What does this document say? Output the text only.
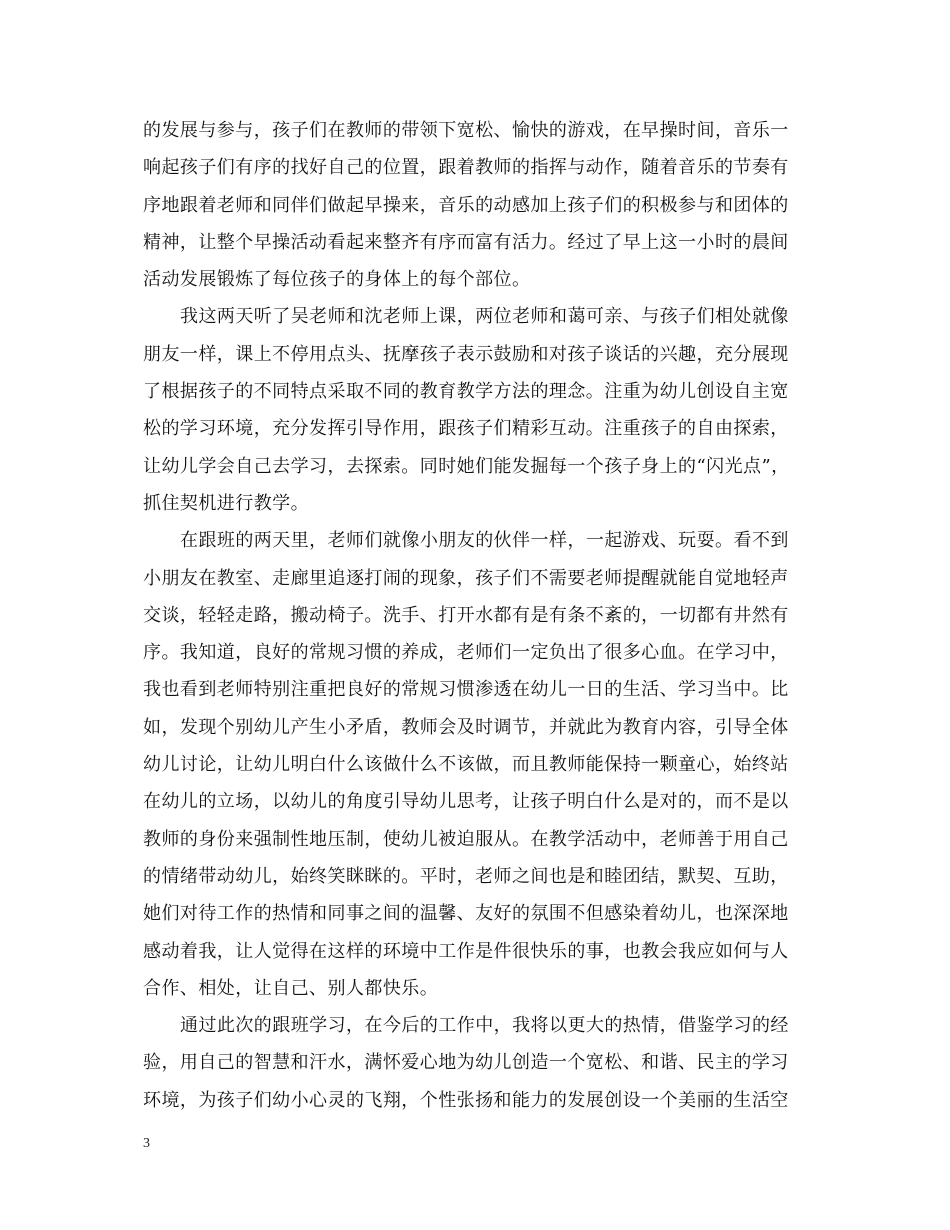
的发展与参与，孩子们在教师的带领下宽松、愉快的游戏，在早操时间，音乐一
响起孩子们有序的找好自己的位置，跟着教师的指挥与动作，随着音乐的节奏有
序地跟着老师和同伴们做起早操来，音乐的动感加上孩子们的积极参与和团体的
精神，让整个早操活动看起来整齐有序而富有活力。经过了早上这一小时的晨间
活动发展锻炼了每位孩子的身体上的每个部位。
我这两天听了吴老师和沈老师上课，两位老师和蔼可亲、与孩子们相处就像
朋友一样，课上不停用点头、抚摩孩子表示鼓励和对孩子谈话的兴趣，充分展现
了根据孩子的不同特点采取不同的教育教学方法的理念。注重为幼儿创设自主宽
松的学习环境，充分发挥引导作用，跟孩子们精彩互动。注重孩子的自由探索，
让幼儿学会自己去学习，去探索。同时她们能发掘每一个孩子身上的“闪光点”，
抓住契机进行教学。
在跟班的两天里，老师们就像小朋友的伙伴一样，一起游戏、玩耍。看不到
小朋友在教室、走廊里追逐打闹的现象，孩子们不需要老师提醒就能自觉地轻声
交谈，轻轻走路，搬动椅子。洗手、打开水都有是有条不紊的，一切都有井然有
序。我知道，良好的常规习惯的养成，老师们一定负出了很多心血。在学习中，
我也看到老师特别注重把良好的常规习惯渗透在幼儿一日的生活、学习当中。比
如，发现个别幼儿产生小矛盾，教师会及时调节，并就此为教育内容，引导全体
幼儿讨论，让幼儿明白什么该做什么不该做，而且教师能保持一颗童心，始终站
在幼儿的立场，以幼儿的角度引导幼儿思考，让孩子明白什么是对的，而不是以
教师的身份来强制性地压制，使幼儿被迫服从。在教学活动中，老师善于用自己
的情绪带动幼儿，始终笑眯眯的。平时，老师之间也是和睦团结，默契、互助，
她们对待工作的热情和同事之间的温馨、友好的氛围不但感染着幼儿，也深深地
感动着我，让人觉得在这样的环境中工作是件很快乐的事，也教会我应如何与人
合作、相处，让自己、别人都快乐。
通过此次的跟班学习，在今后的工作中，我将以更大的热情，借鉴学习的经
验，用自己的智慧和汗水，满怀爱心地为幼儿创造一个宽松、和谐、民主的学习
环境，为孩子们幼小心灵的飞翔，个性张扬和能力的发展创设一个美丽的生活空
3
